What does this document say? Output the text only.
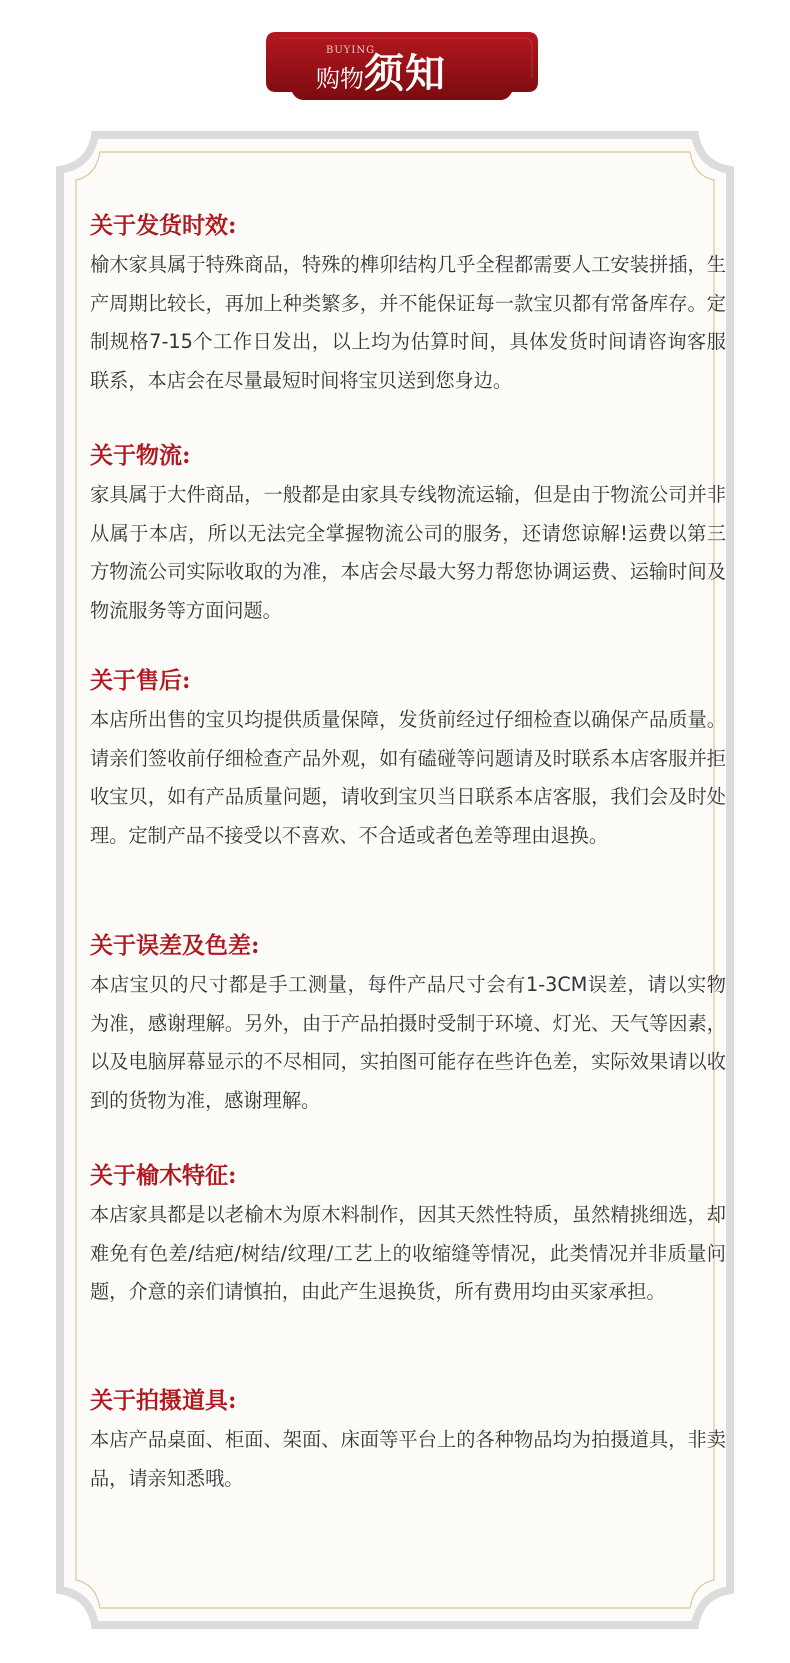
BUYING
购物须知
关于发货时效:

榆木家具属于特殊商品，特殊的榫卯结构几乎全程都需要人工安装拼插，生产周期比较长，再加上种类繁多，并不能保证每一款宝贝都有常备库存。定制规格7-15个工作日发出，以上均为估算时间，具体发货时间请咨询客服联系，本店会在尽量最短时间将宝贝送到您身边。

关于物流:

家具属于大件商品，一般都是由家具专线物流运输，但是由于物流公司并非从属于本店，所以无法完全掌握物流公司的服务，还请您谅解!运费以第三方物流公司实际收取的为准，本店会尽最大努力帮您协调运费、运输时间及物流服务等方面问题。

关于售后:

本店所出售的宝贝均提供质量保障，发货前经过仔细检查以确保产品质量。请亲们签收前仔细检查产品外观，如有磕碰等问题请及时联系本店客服并拒收宝贝，如有产品质量问题，请收到宝贝当日联系本店客服，我们会及时处理。定制产品不接受以不喜欢、不合适或者色差等理由退换。

关于误差及色差:

本店宝贝的尺寸都是手工测量，每件产品尺寸会有1-3CM误差，请以实物为准，感谢理解。另外，由于产品拍摄时受制于环境、灯光、天气等因素，以及电脑屏幕显示的不尽相同，实拍图可能存在些许色差，实际效果请以收到的货物为准，感谢理解。

关于榆木特征:

本店家具都是以老榆木为原木料制作，因其天然性特质，虽然精挑细选，却难免有色差/结疤/树结/纹理/工艺上的收缩缝等情况，此类情况并非质量问题，介意的亲们请慎拍，由此产生退换货，所有费用均由买家承担。

关于拍摄道具:

本店产品桌面、柜面、架面、床面等平台上的各种物品均为拍摄道具，非卖品，请亲知悉哦。
